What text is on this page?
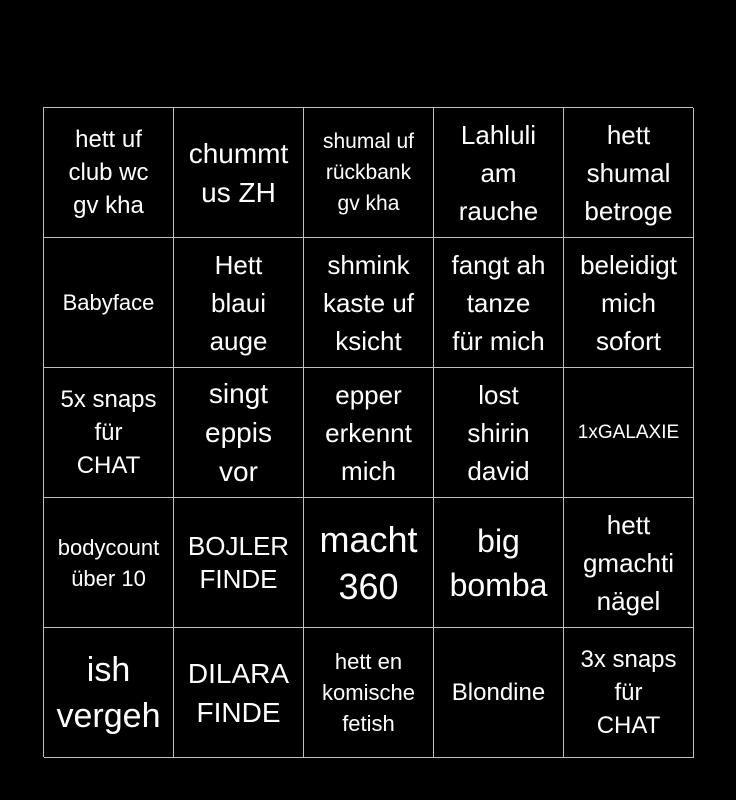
hett uf
club wc
gv kha
chummt
us ZH
shumal uf
rückbank
gv kha
Lahluli
am
rauche
hett
shumal
betroge
Babyface
Hett
blaui
auge
shmink
kaste uf
ksicht
fangt ah
tanze
für mich
beleidigt
mich
sofort
5x snaps
für
CHAT
singt
eppis
vor
epper
erkennt
mich
lost
shirin
david
1xGALAXIE
bodycount
über 10
BOJLER
FINDE
macht
360
big
bomba
hett
gmachti
nägel
ish
vergeh
DILARA
FINDE
hett en
komische
fetish
Blondine
3x snaps
für
CHAT
